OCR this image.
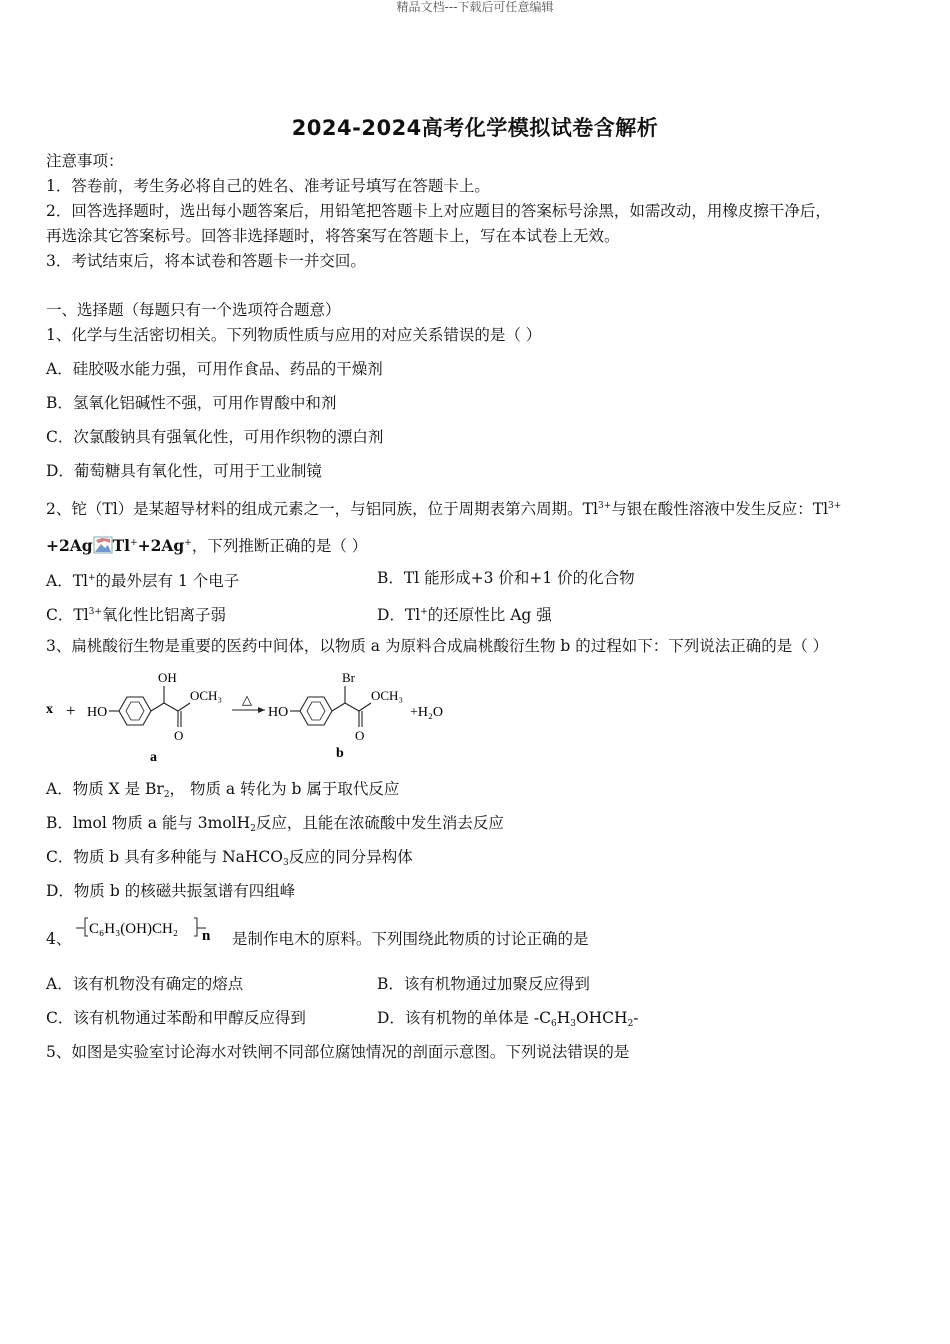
精品文档---下载后可任意编辑
2024-2024高考化学模拟试卷含解析
注意事项：
1．答卷前，考生务必将自己的姓名、准考证号填写在答题卡上。
2．回答选择题时，选出每小题答案后，用铅笔把答题卡上对应题目的答案标号涂黑，如需改动，用橡皮擦干净后，
再选涂其它答案标号。回答非选择题时，将答案写在答题卡上，写在本试卷上无效。
3．考试结束后，将本试卷和答题卡一并交回。
一、选择题（每题只有一个选项符合题意）
1、化学与生活密切相关。下列物质性质与应用的对应关系错误的是（ ）
A．硅胶吸水能力强，可用作食品、药品的干燥剂
B．氢氧化铝碱性不强，可用作胃酸中和剂
C．次氯酸钠具有强氧化性，可用作织物的漂白剂
D．葡萄糖具有氧化性，可用于工业制镜
2、铊（Tl）是某超导材料的组成元素之一，与铝同族，位于周期表第六周期。$Tl^{3+}$与银在酸性溶液中发生反应：$Tl^{3+}$
+2Ag Tl++2Ag+，下列推断正确的是（ ）
A．Tl+的最外层有 1 个电子	B．Tl 能形成+3 价和+1 价的化合物
C．$Tl^{3+}$氧化性比铝离子弱	D．Tl+的还原性比 Ag 强
3、扁桃酸衍生物是重要的医药中间体，以物质 a 为原料合成扁桃酸衍生物 b 的过程如下：下列说法正确的是（ ）
x + HO
OH
O
OCH₃
a
△
HO
Br
O
OCH₃
b
+H₂O
A．物质 X 是 $Br_2$， 物质 a 转化为 b 属于取代反应
B．lmol 物质 a 能与 3molH$_2$反应，且能在浓硫酸中发生消去反应
C．物质 b 具有多种能与 NaHCO$_3$反应的同分异构体
D．物质 b 的核磁共振氢谱有四组峰
4、
C₆H₃(OH)CH₂ n 是制作电木的原料。下列围绕此物质的讨论正确的是
A．该有机物没有确定的熔点	B．该有机物通过加聚反应得到
C．该有机物通过苯酚和甲醇反应得到	D．该有机物的单体是 $-C_6H_3OHCH_2-$
5、如图是实验室讨论海水对铁闸不同部位腐蚀情况的剖面示意图。下列说法错误的是
